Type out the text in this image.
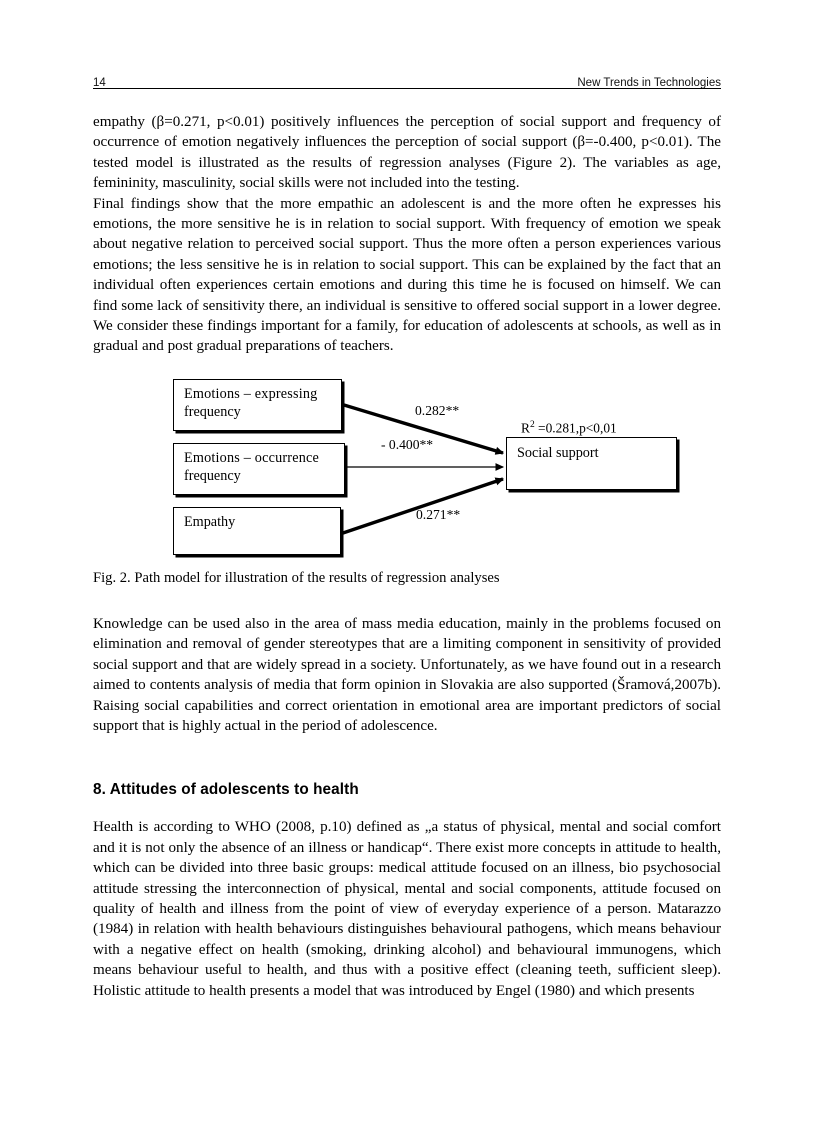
14	New Trends in Technologies

empathy (β=0.271, p<0.01) positively influences the perception of social support and frequency of occurrence of emotion negatively influences the perception of social support (β=-0.400, p<0.01). The tested model is illustrated as the results of regression analyses (Figure 2). The variables as age, femininity, masculinity, social skills were not included into the testing.

Final findings show that the more empathic an adolescent is and the more often he expresses his emotions, the more sensitive he is in relation to social support. With frequency of emotion we speak about negative relation to perceived social support. Thus the more often a person experiences various emotions; the less sensitive he is in relation to social support. This can be explained by the fact that an individual often experiences certain emotions and during this time he is focused on himself. We can find some lack of sensitivity there, an individual is sensitive to offered social support in a lower degree. We consider these findings important for a family, for education of adolescents at schools, as well as in gradual and post gradual preparations of teachers.

Emotions – expressing
frequency
Emotions – occurrence
frequency
Empathy
Social support
$R^2 =0.281,p<0,01$
0.282**
- 0.400**
0.271**

Fig. 2. Path model for illustration of the results of regression analyses

Knowledge can be used also in the area of mass media education, mainly in the problems focused on elimination and removal of gender stereotypes that are a limiting component in sensitivity of provided social support and that are widely spread in a society. Unfortunately, as we have found out in a research aimed to contents analysis of media that form opinion in Slovakia are also supported (Šramová,2007b). Raising social capabilities and correct orientation in emotional area are important predictors of social support that is highly actual in the period of adolescence.

8. Attitudes of adolescents to health

Health is according to WHO (2008, p.10) defined as „a status of physical, mental and social comfort and it is not only the absence of an illness or handicap“. There exist more concepts in attitude to health, which can be divided into three basic groups: medical attitude focused on an illness, bio psychosocial attitude stressing the interconnection of physical, mental and social components, attitude focused on quality of health and illness from the point of view of everyday experience of a person. Matarazzo (1984) in relation with health behaviours distinguishes behavioural pathogens, which means behaviour with a negative effect on health (smoking, drinking alcohol) and behavioural immunogens, which means behaviour useful to health, and thus with a positive effect (cleaning teeth, sufficient sleep). Holistic attitude to health presents a model that was introduced by Engel (1980) and which presents
